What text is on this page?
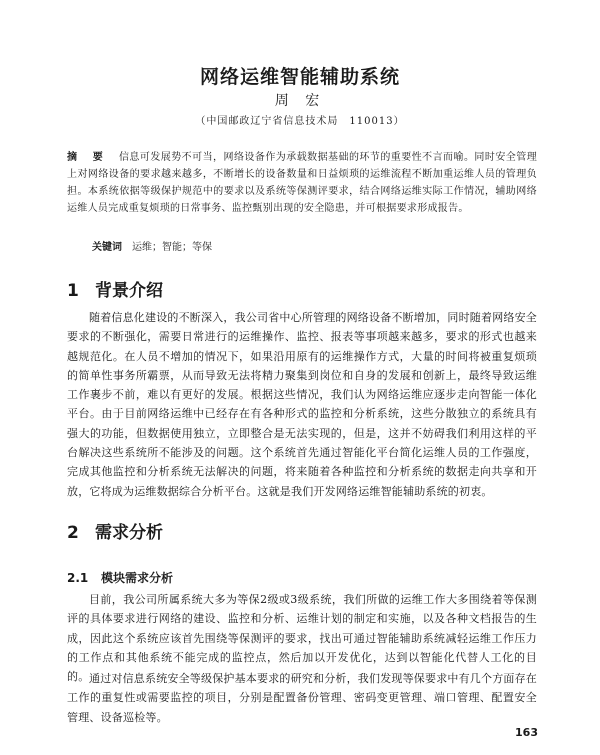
网络运维智能辅助系统
周 宏
（中国邮政辽宁省信息技术局　110013）
摘 要 信息可发展势不可当，网络设备作为承载数据基础的环节的重要性不言而喻。同时安全管理上对网络设备的要求越来越多，不断增长的设备数量和日益烦琐的运维流程不断加重运维人员的管理负担。本系统依据等级保护规范中的要求以及系统等保测评要求，结合网络运维实际工作情况，辅助网络运维人员完成重复烦琐的日常事务、监控甄别出现的安全隐患，并可根据要求形成报告。
关键词 运维；智能；等保
1 背景介绍

随着信息化建设的不断深入，我公司省中心所管理的网络设备不断增加，同时随着网络安全要求的不断强化，需要日常进行的运维操作、监控、报表等事项越来越多，要求的形式也越来越规范化。在人员不增加的情况下，如果沿用原有的运维操作方式，大量的时间将被重复烦琐的简单性事务所霸票，从而导致无法将精力聚集到岗位和自身的发展和创新上，最终导致运维工作裹步不前，难以有更好的发展。根据这些情况，我们认为网络运维应逐步走向智能一体化平台。由于目前网络运维中已经存在有各种形式的监控和分析系统，这些分散独立的系统具有强大的功能，但数据使用独立，立即整合是无法实现的，但是，这并不妨碍我们利用这样的平台解决这些系统所不能涉及的问题。这个系统首先通过智能化平台简化运维人员的工作强度，完成其他监控和分析系统无法解决的问题，将来随着各种监控和分析系统的数据走向共享和开放，它将成为运维数据综合分析平台。这就是我们开发网络运维智能辅助系统的初衷。

2 需求分析
2.1 模块需求分析

目前，我公司所属系统大多为等保2级或3级系统，我们所做的运维工作大多围绕着等保测评的具体要求进行网络的建设、监控和分析、运维计划的制定和实施，以及各种文档报告的生成，因此这个系统应该首先围绕等保测评的要求，找出可通过智能辅助系统减轻运维工作压力的工作点和其他系统不能完成的监控点，然后加以开发优化，达到以智能化代替人工化的目的。 通过对信息系统安全等级保护基本要求的研究和分析，我们发现等保要求中有几个方面存在工作的重复性或需要监控的项目，分别是配置备份管理、密码变更管理、端口管理、配置安全管理、设备巡检等。

163
